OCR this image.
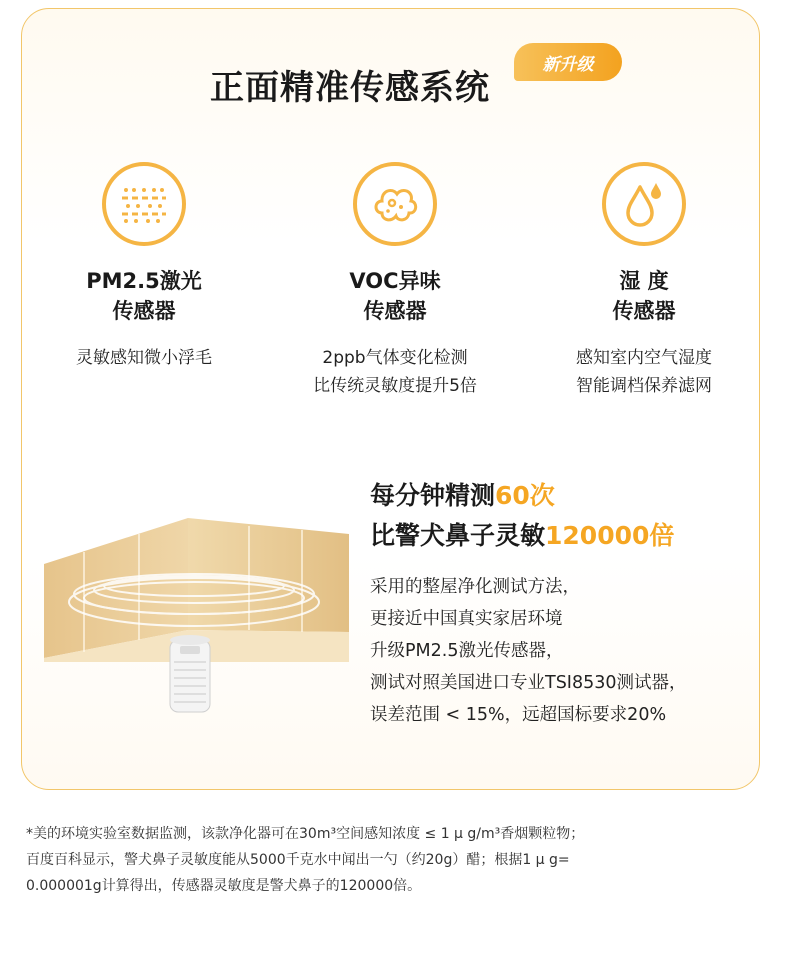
正面精准传感系统
新升级
PM2.5激光
传感器
灵敏感知微小浮毛
VOC异味
传感器
2ppb气体变化检测
比传统灵敏度提升5倍
湿 度
传感器
感知室内空气湿度
智能调档保养滤网
每分钟精测60次
比警犬鼻子灵敏120000倍
采用的整屋净化测试方法，
更接近中国真实家居环境
升级PM2.5激光传感器，
测试对照美国进口专业TSI8530测试器，
误差范围 < 15%，远超国标要求20%
*美的环境实验室数据监测，该款净化器可在30m³空间感知浓度 ≤ 1 μ g/m³香烟颗粒物；
百度百科显示，警犬鼻子灵敏度能从5000千克水中闻出一勺（约20g）醋；根据1 μ g=
0.000001g计算得出，传感器灵敏度是警犬鼻子的120000倍。
